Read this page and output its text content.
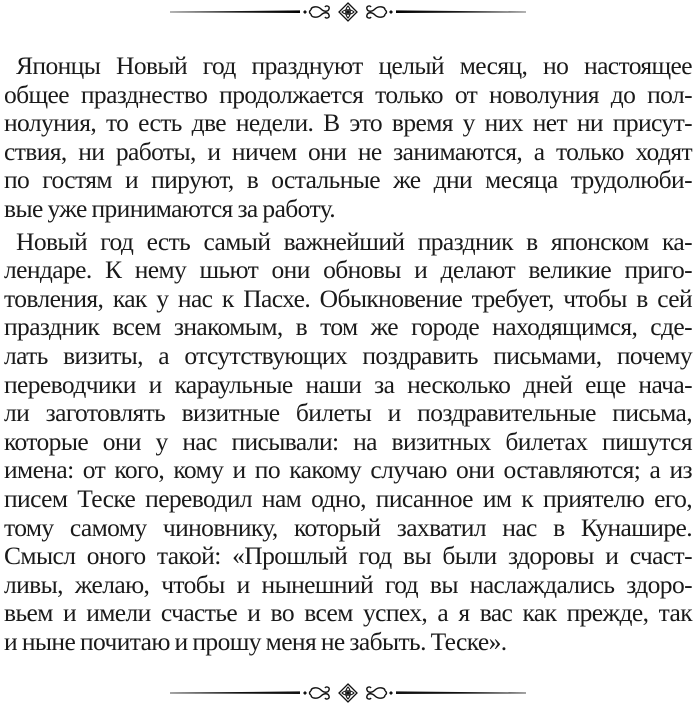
Японцы Новый год празднуют целый месяц, но настоящее
общее празднество продолжается только от новолуния до пол-
нолуния, то есть две недели. В это время у них нет ни присут-
ствия, ни работы, и ничем они не занимаются, а только ходят
по гостям и пируют, в остальные же дни месяца трудолюби-
вые уже принимаются за работу.

Новый год есть самый важнейший праздник в японском ка-
лендаре. К нему шьют они обновы и делают великие приго-
товления, как у нас к Пасхе. Обыкновение требует, чтобы в сей
праздник всем знакомым, в том же городе находящимся, сде-
лать визиты, а отсутствующих поздравить письмами, почему
переводчики и караульные наши за несколько дней еще нача-
ли заготовлять визитные билеты и поздравительные письма,
которые они у нас писывали: на визитных билетах пишутся
имена: от кого, кому и по какому случаю они оставляются; а из
писем Теске переводил нам одно, писанное им к приятелю его,
тому самому чиновнику, который захватил нас в Кунашире.
Смысл оного такой: «Прошлый год вы были здоровы и счаст-
ливы, желаю, чтобы и нынешний год вы наслаждались здоро-
вьем и имели счастье и во всем успех, а я вас как прежде, так
и ныне почитаю и прошу меня не забыть. Теске».
